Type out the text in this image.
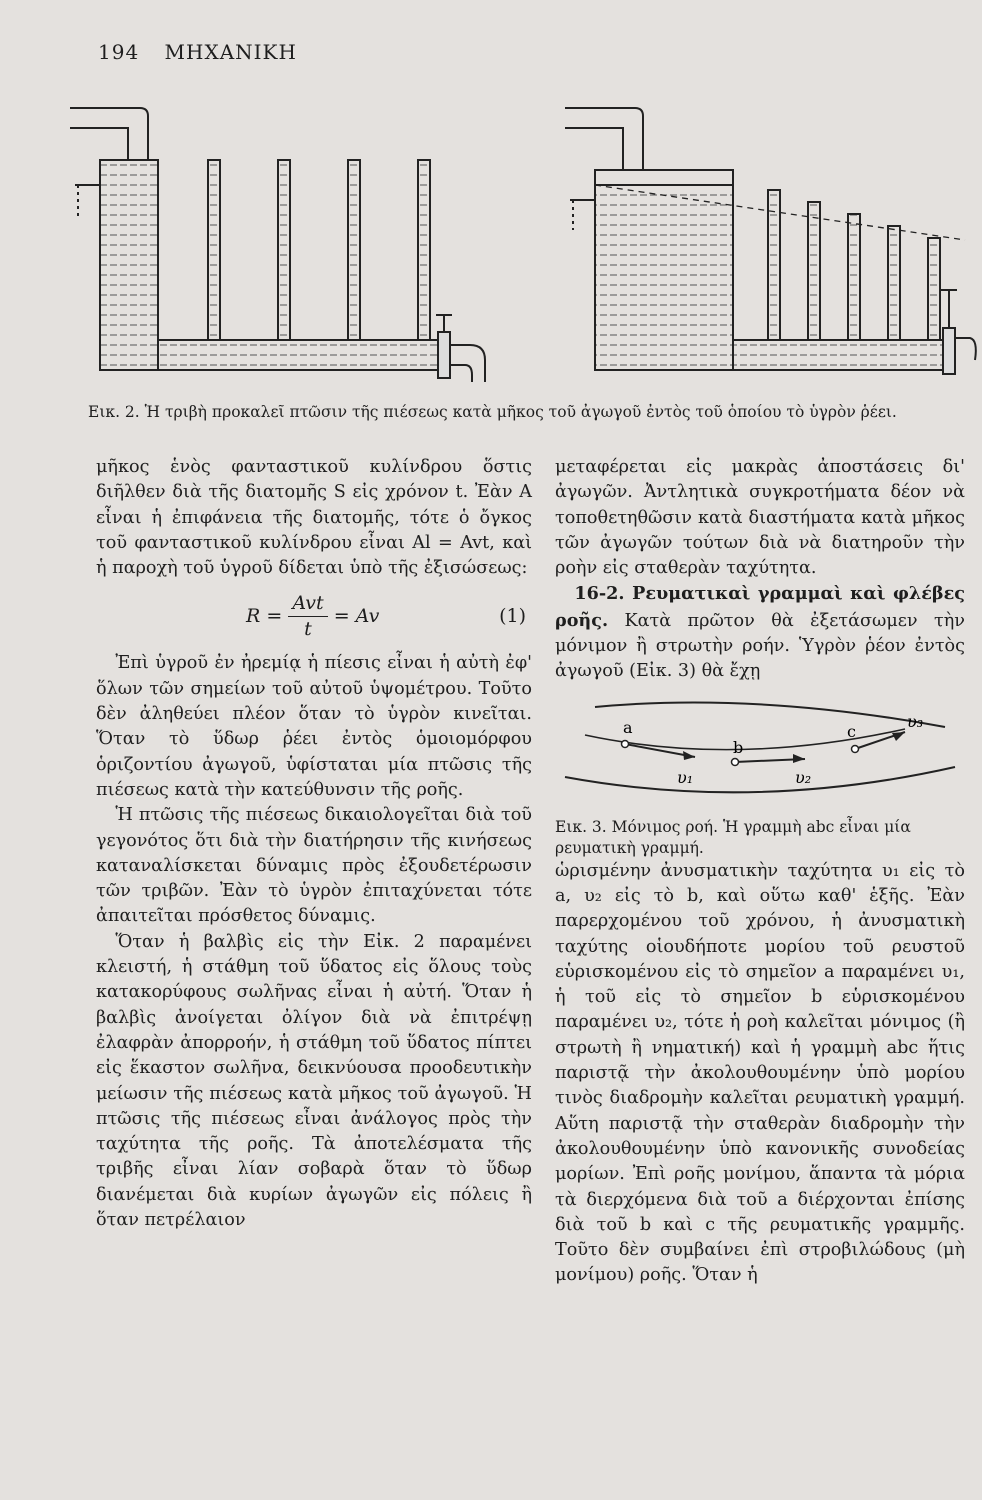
194 ΜΗΧΑΝΙΚΗ
Εικ. 2. Ἡ τριβὴ προκαλεῖ πτῶσιν τῆς πιέσεως κατὰ μῆκος τοῦ ἀγωγοῦ ἐντὸς τοῦ ὁποίου τὸ ὑγρὸν ῥέει.

μῆκος ἑνὸς φανταστικοῦ κυλίνδρου ὅστις διῆλθεν διὰ τῆς διατομῆς S εἰς χρόνον t. Ἐὰν A εἶναι ἡ ἐπιφάνεια τῆς διατομῆς, τότε ὁ ὄγκος τοῦ φανταστικοῦ κυλίνδρου εἶναι Al = Avt, καὶ ἡ παροχὴ τοῦ ὑγροῦ δίδεται ὑπὸ τῆς ἐξισώσεως:

$R = \frac{\text{Avt}}{t} = Av$	(1)

Ἐπὶ ὑγροῦ ἐν ἠρεμίᾳ ἡ πίεσις εἶναι ἡ αὐτὴ ἐφ' ὅλων τῶν σημείων τοῦ αὐτοῦ ὑψομέτρου. Τοῦτο δὲν ἀληθεύει πλέον ὅταν τὸ ὑγρὸν κινεῖται. Ὅταν τὸ ὕδωρ ῥέει ἐντὸς ὁμοιομόρφου ὁριζοντίου ἀγωγοῦ, ὑφίσταται μία πτῶσις τῆς πιέσεως κατὰ τὴν κατεύθυνσιν τῆς ροῆς.

Ἡ πτῶσις τῆς πιέσεως δικαιολογεῖται διὰ τοῦ γεγονότος ὅτι διὰ τὴν διατήρησιν τῆς κινήσεως καταναλίσκεται δύναμις πρὸς ἐξουδετέρωσιν τῶν τριβῶν. Ἐὰν τὸ ὑγρὸν ἐπιταχύνεται τότε ἀπαιτεῖται πρόσθετος δύναμις.

Ὅταν ἡ βαλβὶς εἰς τὴν Εἰκ. 2 παραμένει κλειστή, ἡ στάθμη τοῦ ὕδατος εἰς ὅλους τοὺς κατακορύφους σωλῆνας εἶναι ἡ αὐτή. Ὅταν ἡ βαλβὶς ἀνοίγεται ὀλίγον διὰ νὰ ἐπιτρέψῃ ἐλαφρὰν ἀπορροήν, ἡ στάθμη τοῦ ὕδατος πίπτει εἰς ἕκαστον σωλῆνα, δεικνύουσα προοδευτικὴν μείωσιν τῆς πιέσεως κατὰ μῆκος τοῦ ἀγωγοῦ. Ἡ πτῶσις τῆς πιέσεως εἶναι ἀνάλογος πρὸς τὴν ταχύτητα τῆς ροῆς. Τὰ ἀποτελέσματα τῆς τριβῆς εἶναι λίαν σοβαρὰ ὅταν τὸ ὕδωρ διανέμεται διὰ κυρίων ἀγωγῶν εἰς πόλεις ἢ ὅταν πετρέλαιον

μεταφέρεται εἰς μακρὰς ἀποστάσεις δι' ἀγωγῶν. Ἀντλητικὰ συγκροτήματα δέον νὰ τοποθετηθῶσιν κατὰ διαστήματα κατὰ μῆκος τῶν ἀγωγῶν τούτων διὰ νὰ διατηροῦν τὴν ροὴν εἰς σταθερὰν ταχύτητα.

16-2. Ρευματικαὶ γραμμαὶ καὶ φλέβες ροῆς. Κατὰ πρῶτον θὰ ἐξετάσωμεν τὴν μόνιμον ἢ στρωτὴν ροήν. Ὑγρὸν ῥέον ἐντὸς ἀγωγοῦ (Εἰκ. 3) θὰ ἔχῃ

a
b
c
υ₁	υ₂
υ₃

Εικ. 3. Μόνιμος ροή. Ἡ γραμμὴ abc εἶναι μία ρευματικὴ γραμμή.

ὡρισμένην ἀνυσματικὴν ταχύτητα υ₁ εἰς τὸ a, υ₂ εἰς τὸ b, καὶ οὕτω καθ' ἑξῆς. Ἐὰν παρερχομένου τοῦ χρόνου, ἡ ἀνυσματικὴ ταχύτης οἱουδήποτε μορίου τοῦ ρευστοῦ εὑρισκομένου εἰς τὸ σημεῖον a παραμένει υ₁, ἡ τοῦ εἰς τὸ σημεῖον b εὑρισκομένου παραμένει υ₂, τότε ἡ ροὴ καλεῖται μόνιμος (ἢ στρωτὴ ἢ νηματική) καὶ ἡ γραμμὴ abc ἥτις παριστᾷ τὴν ἀκολουθουμένην ὑπὸ μορίου τινὸς διαδρομὴν καλεῖται ρευματικὴ γραμμή. Αὕτη παριστᾷ τὴν σταθερὰν διαδρομὴν τὴν ἀκολουθουμένην ὑπὸ κανονικῆς συνοδείας μορίων. Ἐπὶ ροῆς μονίμου, ἅπαντα τὰ μόρια τὰ διερχόμενα διὰ τοῦ a διέρχονται ἐπίσης διὰ τοῦ b καὶ c τῆς ρευματικῆς γραμμῆς. Τοῦτο δὲν συμβαίνει ἐπὶ στροβιλώδους (μὴ μονίμου) ροῆς. Ὅταν ἡ
